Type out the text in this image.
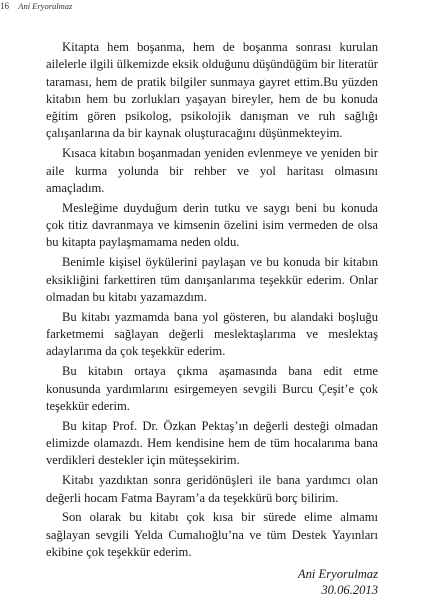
16 Ani Eryorulmaz

Kitapta hem boşanma, hem de boşanma sonrası kurulan ailelerle ilgili ülkemizde eksik olduğunu düşündüğüm bir literatür taraması, hem de pratik bilgiler sunmaya gayret ettim.Bu yüzden kitabın hem bu zorlukları yaşayan bireyler, hem de bu konuda eğitim gören psikolog, psikolojik danışman ve ruh sağlığı çalışanlarına da bir kaynak oluşturacağını düşünmekteyim.

Kısaca kitabın boşanmadan yeniden evlenmeye ve yeniden bir aile kurma yolunda bir rehber ve yol haritası olmasını amaçladım.

Mesleğime duyduğum derin tutku ve saygı beni bu konuda çok titiz davranmaya ve kimsenin özelini isim vermeden de olsa bu kitapta paylaşmamama neden oldu.

Benimle kişisel öykülerini paylaşan ve bu konuda bir kitabın eksikliğini farkettiren tüm danışanlarıma teşekkür ederim. Onlar olmadan bu kitabı yazamazdım.

Bu kitabı yazmamda bana yol gösteren, bu alandaki boşluğu farketmemi sağlayan değerli meslektaşlarıma ve meslektaş adaylarıma da çok teşekkür ederim.

Bu kitabın ortaya çıkma aşamasında bana edit etme konusunda yardımlarını esirgemeyen sevgili Burcu Çeşit’e çok teşekkür ederim.

Bu kitap Prof. Dr. Özkan Pektaş’ın değerli desteği olmadan elimizde olamazdı. Hem kendisine hem de tüm hocalarıma bana verdikleri destekler için müteşsekirim.

Kitabı yazdıktan sonra geridönüşleri ile bana yardımcı olan değerli hocam Fatma Bayram’a da teşekkürü borç bilirim.

Son olarak bu kitabı çok kısa bir sürede elime almamı sağlayan sevgili Yelda Cumalıoğlu’na ve tüm Destek Yayınları ekibine çok teşekkür ederim.

Ani Eryorulmaz
30.06.2013
